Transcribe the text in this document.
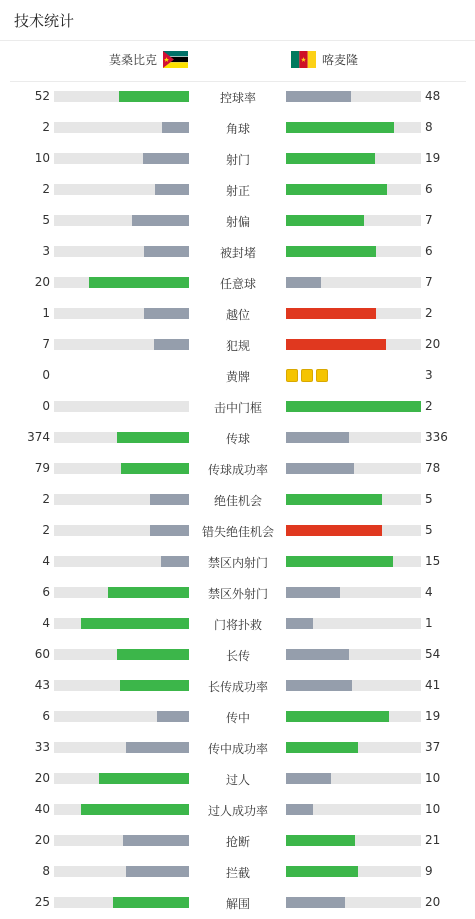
技术统计
莫桑比克	喀麦隆
52	控球率	48
2	角球	8
10	射门	19
2	射正	6
5	射偏	7
3	被封堵	6
20	任意球	7
1	越位	2
7	犯规	20
0	黄牌	3
0	击中门框	2
374	传球	336
79	传球成功率	78
2	绝佳机会	5
2	错失绝佳机会	5
4	禁区内射门	15
6	禁区外射门	4
4	门将扑救	1
60	长传	54
43	长传成功率	41
6	传中	19
33	传中成功率	37
20	过人	10
40	过人成功率	10
20	抢断	21
8	拦截	9
25	解围	20
